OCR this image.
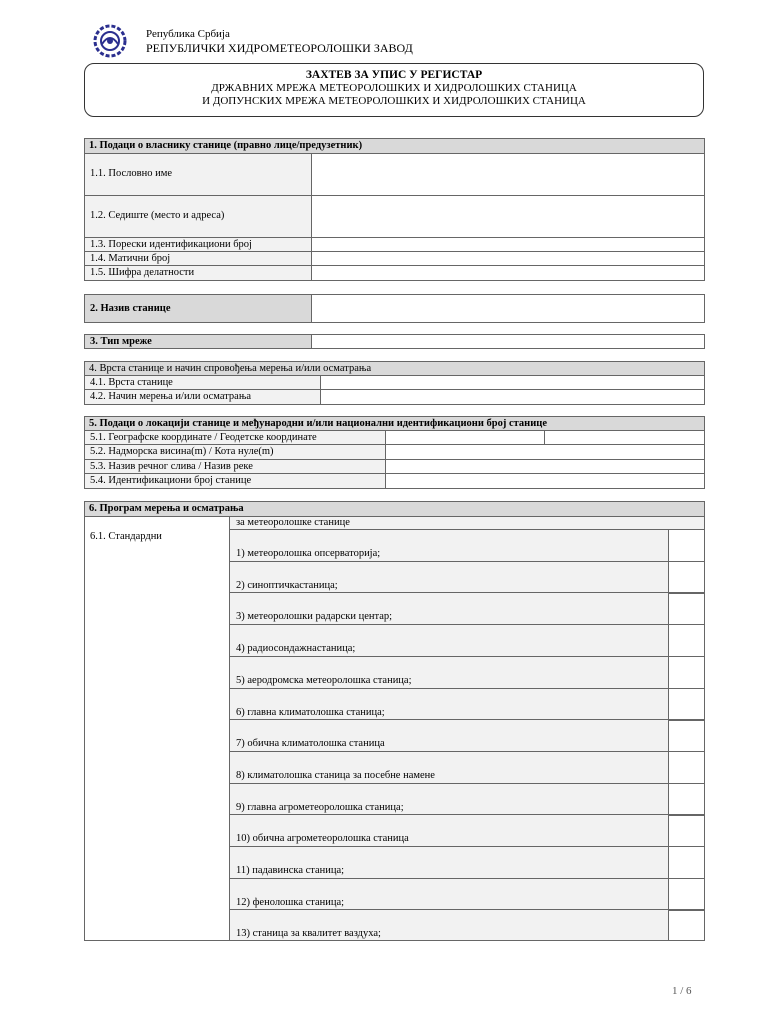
Република Србија
РЕПУБЛИЧКИ ХИДРОМЕТЕОРОЛОШКИ ЗАВОД
ЗАХТЕВ ЗА УПИС У РЕГИСТАР
ДРЖАВНИХ МРЕЖА МЕТЕОРОЛОШКИХ И ХИДРОЛОШКИХ СТАНИЦА
И ДОПУНСКИХ МРЕЖА МЕТЕОРОЛОШКИХ И ХИДРОЛОШКИХ СТАНИЦА
1. Подаци о власнику станице (правно лице/предузетник)
1.1. Пословно име
1.2. Седиште (место и адреса)
1.3. Порески идентификациони број
1.4. Матични број
1.5. Шифра делатности
2. Назив станице
3. Тип мреже
4. Врста станице и начин спровођења мерења и/или осматрања
4.1. Врста станице
4.2. Начин мерења и/или осматрања
5. Подаци о локацији станице и међународни и/или национални идентификациони број станице
5.1. Географске координате / Геодетске координате
5.2. Надморска висина(m) / Кота нуле(m)
5.3. Назив речног слива / Назив реке
5.4. Идентификациони број станице
6. Програм мерења и осматрања
6.1. Стандардни
за метеоролошке станице
1) метеоролошка опсерваторија;
2) синоптичкастаница;
3) метеоролошки радарски центар;
4) радиосондажнастаница;
5) аеродромска метеоролошка станица;
6) главна климатолошка станица;
7) обична климатолошка станица
8) климатолошка станица за посебне намене
9) главна агрометеоролошка станица;
10) обична агрометеоролошка станица
11) падавинска станица;
12) фенолошка станица;
13) станица за квалитет ваздуха;
1 / 6
